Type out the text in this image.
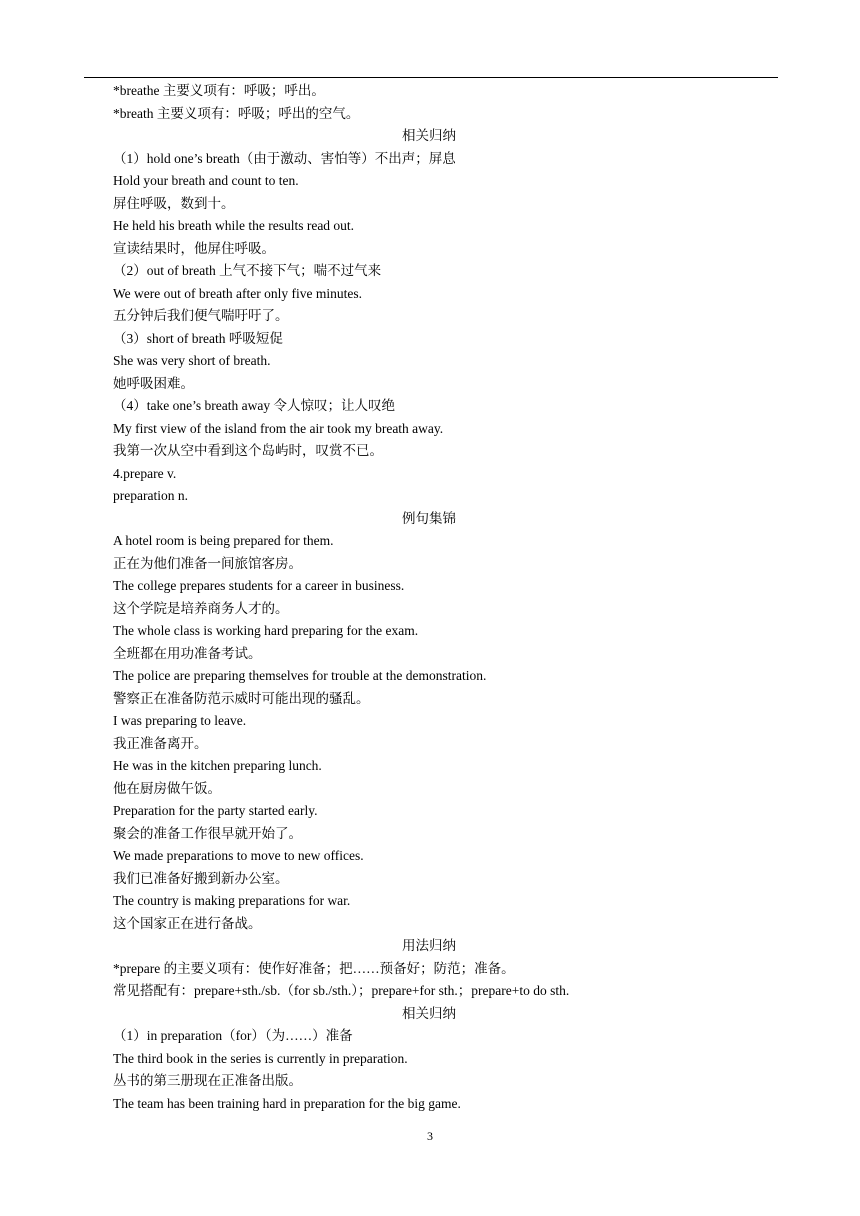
*breathe 主要义项有：呼吸；呼出。
*breath 主要义项有：呼吸；呼出的空气。
相关归纳
（1）hold one’s breath（由于激动、害怕等）不出声；屏息
Hold your breath and count to ten.
屏住呼吸，数到十。
He held his breath while the results read out.
宣读结果时，他屏住呼吸。
（2）out of breath 上气不接下气；喘不过气来
We were out of breath after only five minutes.
五分钟后我们便气喘吁吁了。
（3）short of breath 呼吸短促
She was very short of breath.
她呼吸困难。
（4）take one’s breath away 令人惊叹；让人叹绝
My first view of the island from the air took my breath away.
我第一次从空中看到这个岛屿时，叹赏不已。
4.prepare v.
preparation n.
例句集锦
A hotel room is being prepared for them.
正在为他们准备一间旅馆客房。
The college prepares students for a career in business.
这个学院是培养商务人才的。
The whole class is working hard preparing for the exam.
全班都在用功准备考试。
The police are preparing themselves for trouble at the demonstration.
警察正在准备防范示威时可能出现的骚乱。
I was preparing to leave.
我正准备离开。
He was in the kitchen preparing lunch.
他在厨房做午饭。
Preparation for the party started early.
聚会的准备工作很早就开始了。
We made preparations to move to new offices.
我们已准备好搬到新办公室。
The country is making preparations for war.
这个国家正在进行备战。
用法归纳
*prepare 的主要义项有：使作好准备；把……预备好；防范；准备。
常见搭配有：prepare+sth./sb.（for sb./sth.）；prepare+for sth.；prepare+to do sth.
相关归纳
（1）in preparation（for）（为……）准备
The third book in the series is currently in preparation.
丛书的第三册现在正准备出版。
The team has been training hard in preparation for the big game.
3
